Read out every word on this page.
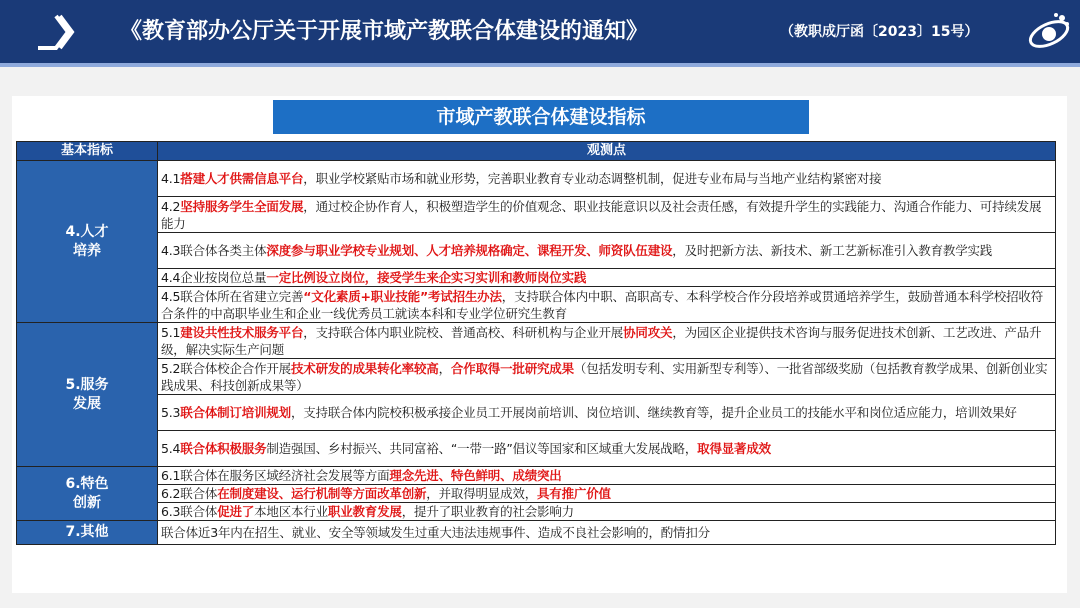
《教育部办公厅关于开展市域产教联合体建设的通知》	（教职成厅函〔2023〕15号）
市域产教联合体建设指标
基本指标	观测点

4.人才
培养	4.1搭建人才供需信息平台，职业学校紧贴市场和就业形势，完善职业教育专业动态调整机制，促进专业布局与当地产业结构紧密对接
	4.2坚持服务学生全面发展，通过校企协作育人，积极塑造学生的价值观念、职业技能意识以及社会责任感，有效提升学生的实践能力、沟通合作能力、可持续发展能力
	4.3联合体各类主体深度参与职业学校专业规划、人才培养规格确定、课程开发、师资队伍建设，及时把新方法、新技术、新工艺新标准引入教育教学实践
	4.4企业按岗位总量一定比例设立岗位，接受学生来企实习实训和教师岗位实践
	4.5联合体所在省建立完善“文化素质+职业技能”考试招生办法，支持联合体内中职、高职高专、本科学校合作分段培养或贯通培养学生，鼓励普通本科学校招收符合条件的中高职毕业生和企业一线优秀员工就读本科和专业学位研究生教育

5.服务
发展	5.1建设共性技术服务平台，支持联合体内职业院校、普通高校、科研机构与企业开展协同攻关，为园区企业提供技术咨询与服务促进技术创新、工艺改进、产品升级，解决实际生产问题
	5.2联合体校企合作开展技术研发的成果转化率较高，合作取得一批研究成果（包括发明专利、实用新型专利等）、一批省部级奖励（包括教育教学成果、创新创业实践成果、科技创新成果等）
	5.3联合体制订培训规划，支持联合体内院校积极承接企业员工开展岗前培训、岗位培训、继续教育等，提升企业员工的技能水平和岗位适应能力，培训效果好
	5.4联合体积极服务制造强国、乡村振兴、共同富裕、“一带一路”倡议等国家和区域重大发展战略，取得显著成效

6.特色
创新	6.1联合体在服务区域经济社会发展等方面理念先进、特色鲜明、成绩突出
	6.2联合体在制度建设、运行机制等方面改革创新，并取得明显成效，具有推广价值
	6.3联合体促进了本地区本行业职业教育发展，提升了职业教育的社会影响力

7.其他	联合体近3年内在招生、就业、安全等领域发生过重大违法违规事件、造成不良社会影响的，酌情扣分
